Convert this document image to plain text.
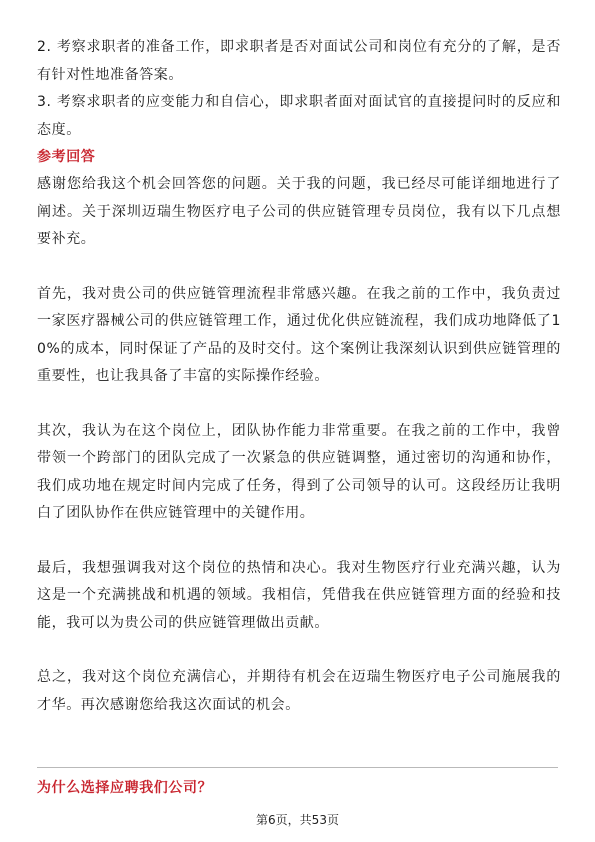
2. 考察求职者的准备工作，即求职者是否对面试公司和岗位有充分的了解，是否有针对性地准备答案。

3. 考察求职者的应变能力和自信心，即求职者面对面试官的直接提问时的反应和态度。

参考回答

感谢您给我这个机会回答您的问题。关于我的问题，我已经尽可能详细地进行了阐述。关于深圳迈瑞生物医疗电子公司的供应链管理专员岗位，我有以下几点想要补充。

首先，我对贵公司的供应链管理流程非常感兴趣。在我之前的工作中，我负责过一家医疗器械公司的供应链管理工作，通过优化供应链流程，我们成功地降低了10%的成本，同时保证了产品的及时交付。这个案例让我深刻认识到供应链管理的重要性，也让我具备了丰富的实际操作经验。

其次，我认为在这个岗位上，团队协作能力非常重要。在我之前的工作中，我曾带领一个跨部门的团队完成了一次紧急的供应链调整，通过密切的沟通和协作，我们成功地在规定时间内完成了任务，得到了公司领导的认可。这段经历让我明白了团队协作在供应链管理中的关键作用。

最后，我想强调我对这个岗位的热情和决心。我对生物医疗行业充满兴趣，认为这是一个充满挑战和机遇的领域。我相信，凭借我在供应链管理方面的经验和技能，我可以为贵公司的供应链管理做出贡献。

总之，我对这个岗位充满信心，并期待有机会在迈瑞生物医疗电子公司施展我的才华。再次感谢您给我这次面试的机会。

为什么选择应聘我们公司？

第6页，共53页
